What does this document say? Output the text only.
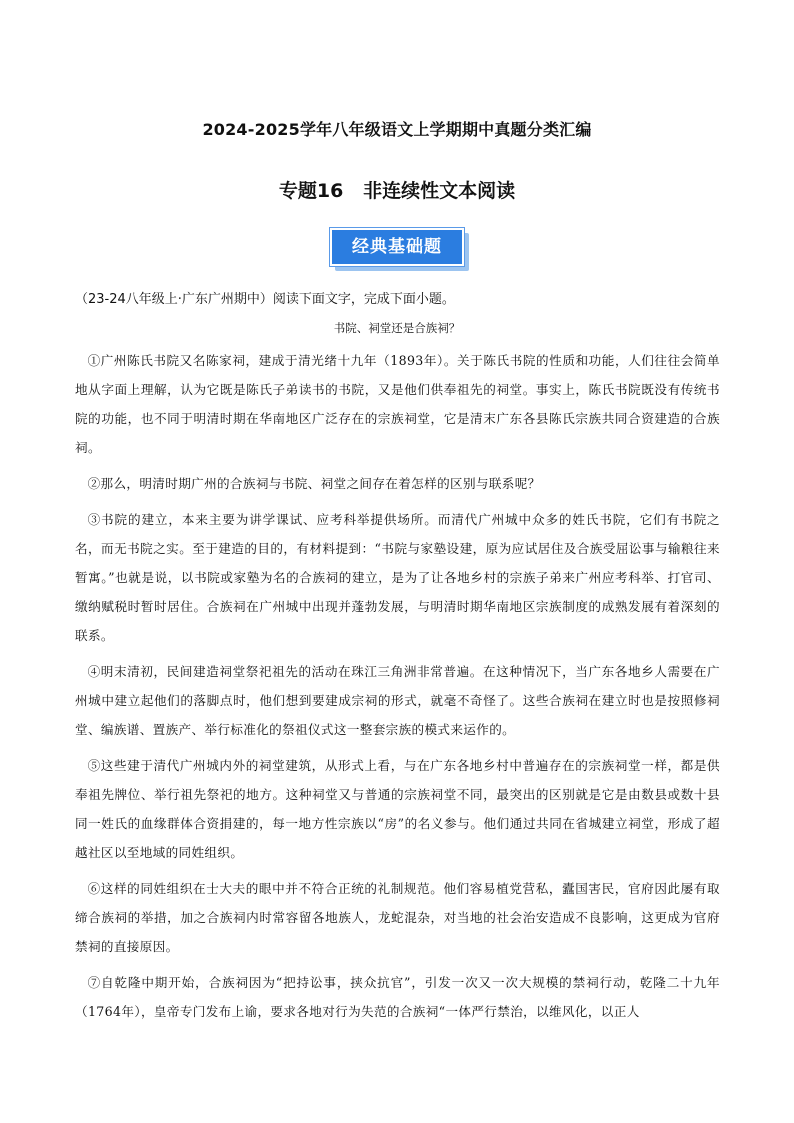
2024-2025学年八年级语文上学期期中真题分类汇编
专题16   非连续性文本阅读
经典基础题
（23-24八年级上·广东广州期中）阅读下面文字，完成下面小题。
书院、祠堂还是合族祠？

①广州陈氏书院又名陈家祠，建成于清光绪十九年（1893年）。关于陈氏书院的性质和功能，人们往往会简单地从字面上理解，认为它既是陈氏子弟读书的书院，又是他们供奉祖先的祠堂。事实上，陈氏书院既没有传统书院的功能，也不同于明清时期在华南地区广泛存在的宗族祠堂，它是清末广东各县陈氏宗族共同合资建造的合族祠。

②那么，明清时期广州的合族祠与书院、祠堂之间存在着怎样的区别与联系呢？

③书院的建立，本来主要为讲学课试、应考科举提供场所。而清代广州城中众多的姓氏书院，它们有书院之名，而无书院之实。至于建造的目的，有材料提到：“书院与家塾设建，原为应试居住及合族受屈讼事与输粮往来暂寓。”也就是说，以书院或家塾为名的合族祠的建立，是为了让各地乡村的宗族子弟来广州应考科举、打官司、缴纳赋税时暂时居住。合族祠在广州城中出现并蓬勃发展，与明清时期华南地区宗族制度的成熟发展有着深刻的联系。

④明末清初，民间建造祠堂祭祀祖先的活动在珠江三角洲非常普遍。在这种情况下，当广东各地乡人需要在广州城中建立起他们的落脚点时，他们想到要建成宗祠的形式，就毫不奇怪了。这些合族祠在建立时也是按照修祠堂、编族谱、置族产、举行标准化的祭祖仪式这一整套宗族的模式来运作的。

⑤这些建于清代广州城内外的祠堂建筑，从形式上看，与在广东各地乡村中普遍存在的宗族祠堂一样，都是供奉祖先牌位、举行祖先祭祀的地方。这种祠堂又与普通的宗族祠堂不同，最突出的区别就是它是由数县或数十县同一姓氏的血缘群体合资捐建的，每一地方性宗族以“房”的名义参与。他们通过共同在省城建立祠堂，形成了超越社区以至地域的同姓组织。

⑥这样的同姓组织在士大夫的眼中并不符合正统的礼制规范。他们容易植党营私，蠹国害民，官府因此屡有取缔合族祠的举措，加之合族祠内时常容留各地族人，龙蛇混杂，对当地的社会治安造成不良影响，这更成为官府禁祠的直接原因。

⑦自乾隆中期开始，合族祠因为“把持讼事，挟众抗官”，引发一次又一次大规模的禁祠行动，乾隆二十九年（1764年），皇帝专门发布上谕，要求各地对行为失范的合族祠“一体严行禁治，以维风化，以正人
